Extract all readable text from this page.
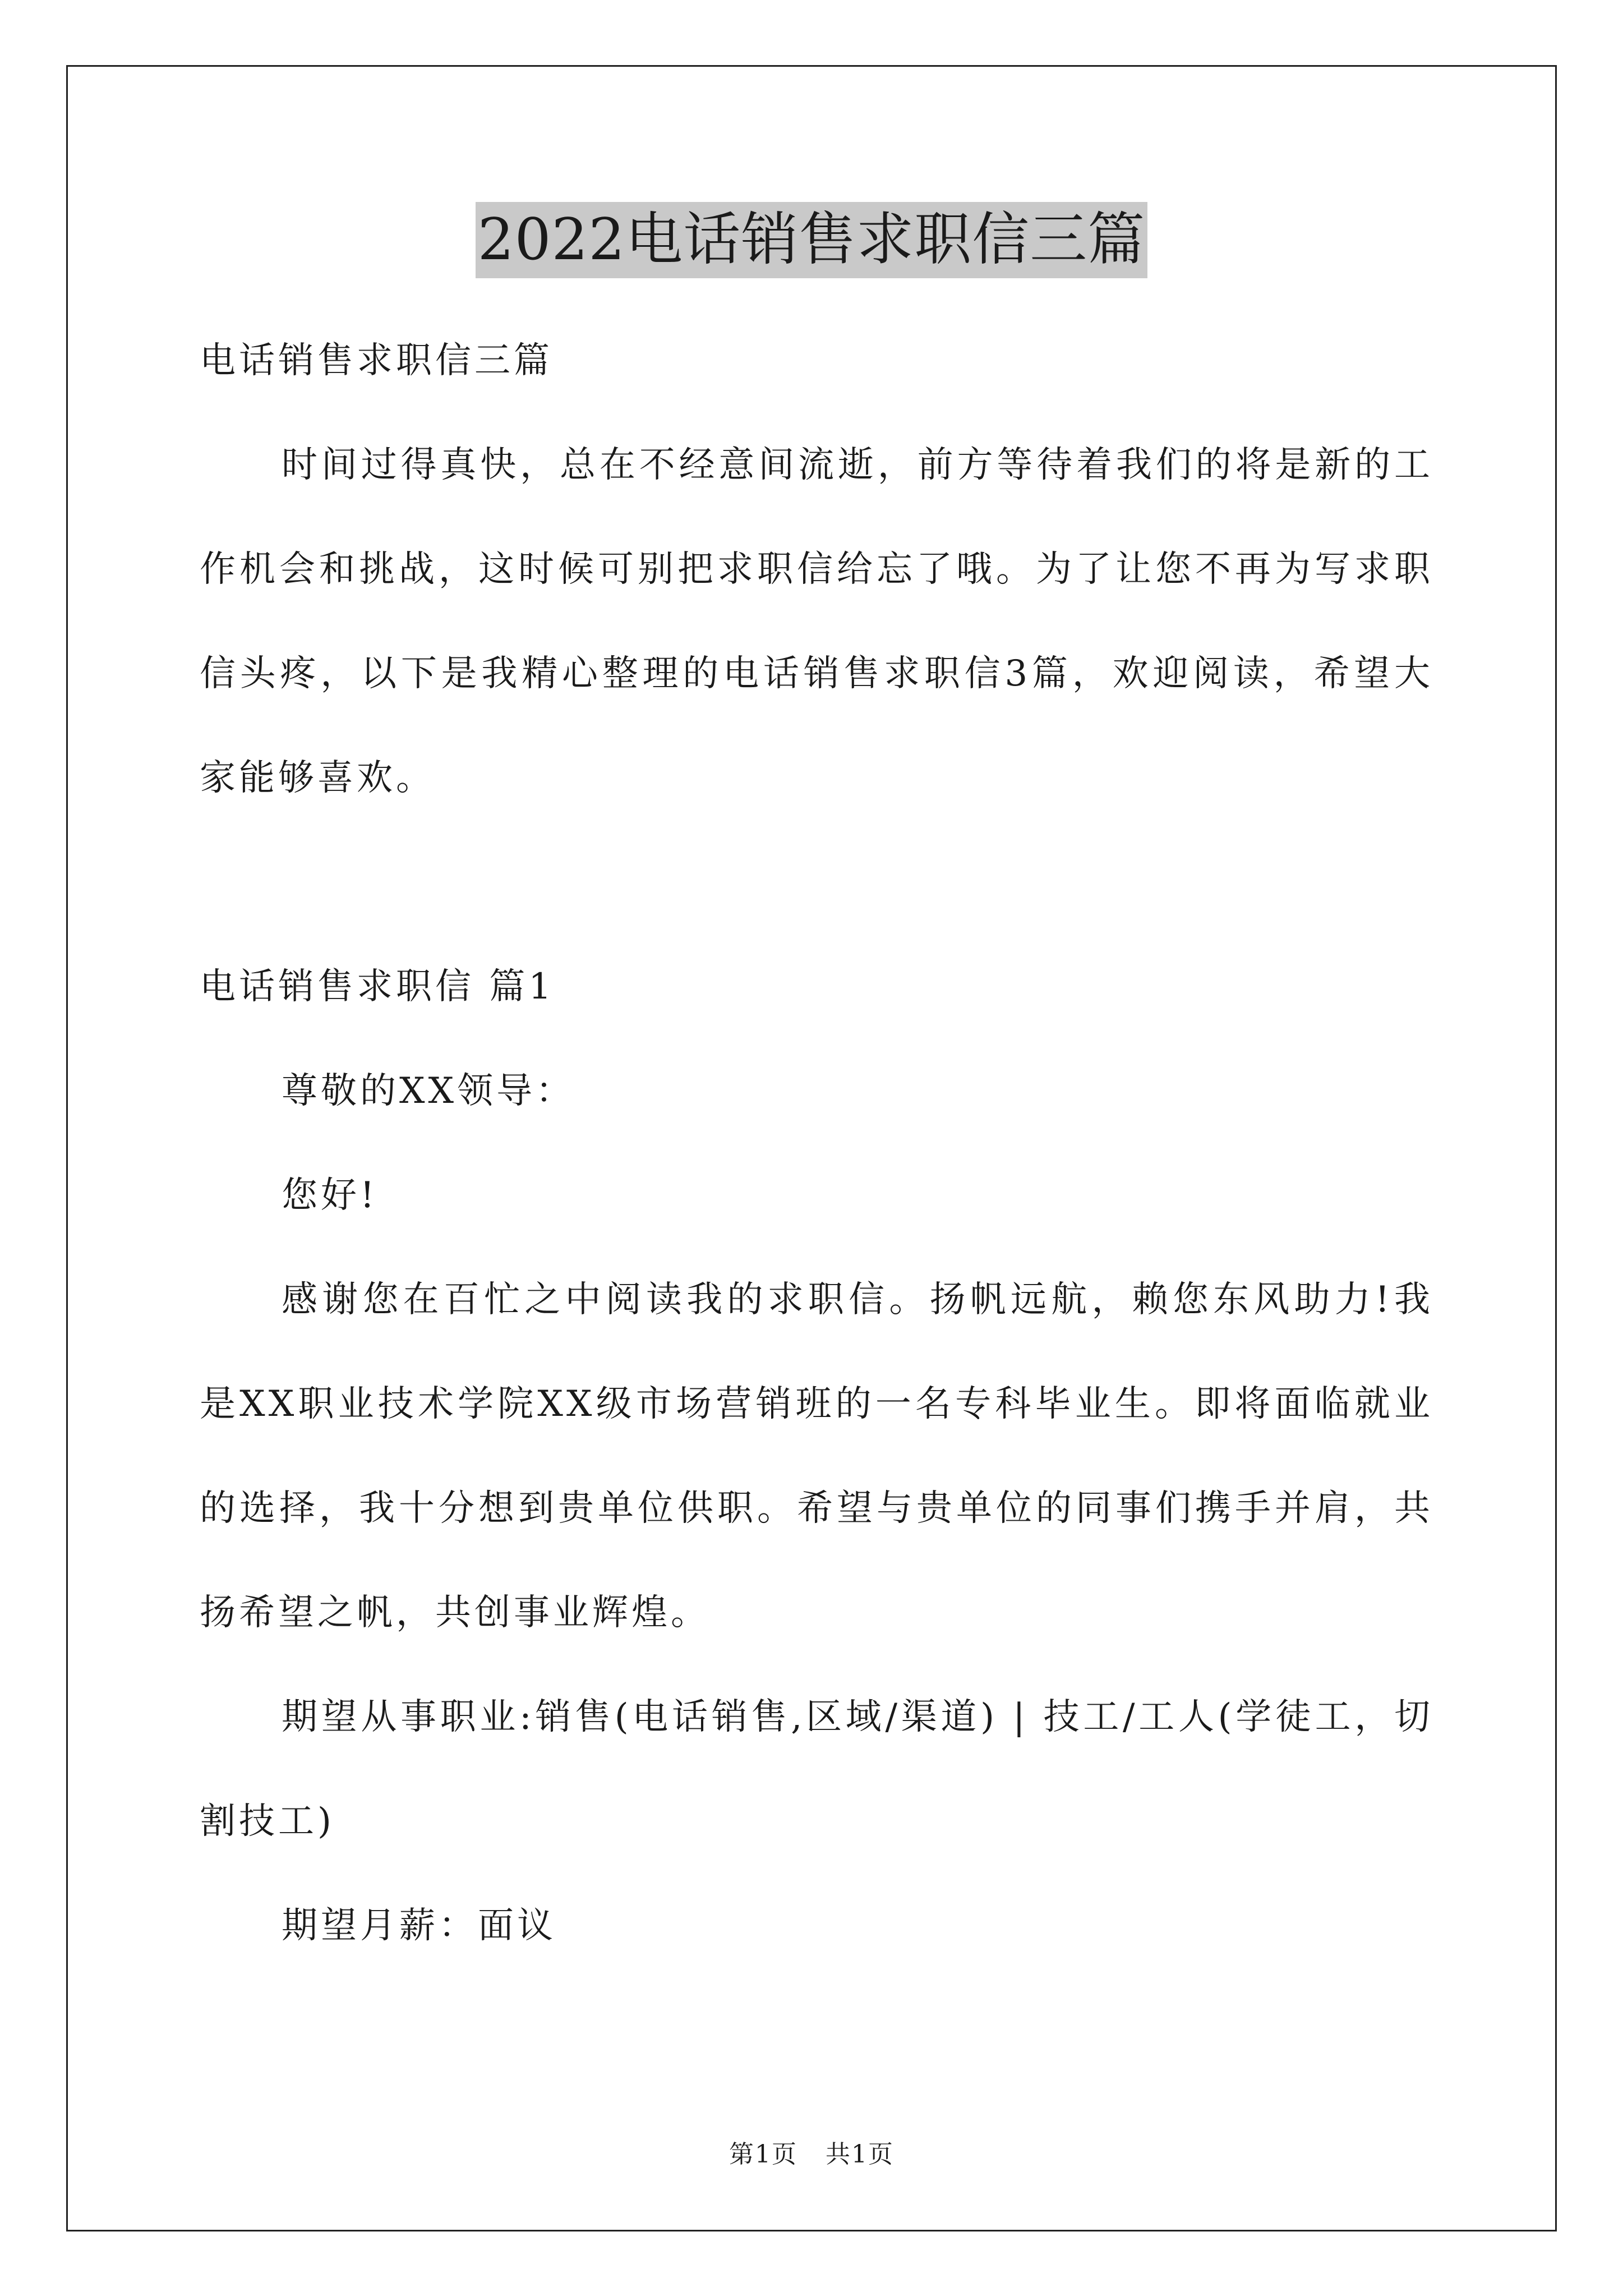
2022电话销售求职信三篇

电话销售求职信三篇

时间过得真快，总在不经意间流逝，前方等待着我们的将是新的工作机会和挑战，这时候可别把求职信给忘了哦。为了让您不再为写求职信头疼，以下是我精心整理的电话销售求职信3篇，欢迎阅读，希望大家能够喜欢。

电话销售求职信 篇1

尊敬的XX领导：

您好!

感谢您在百忙之中阅读我的求职信。扬帆远航，赖您东风助力!我是XX职业技术学院XX级市场营销班的一名专科毕业生。即将面临就业的选择，我十分想到贵单位供职。希望与贵单位的同事们携手并肩，共扬希望之帆，共创事业辉煌。

期望从事职业:销售(电话销售,区域/渠道) | 技工/工人(学徒工，切割技工)

期望月薪：面议

第1页 共1页
